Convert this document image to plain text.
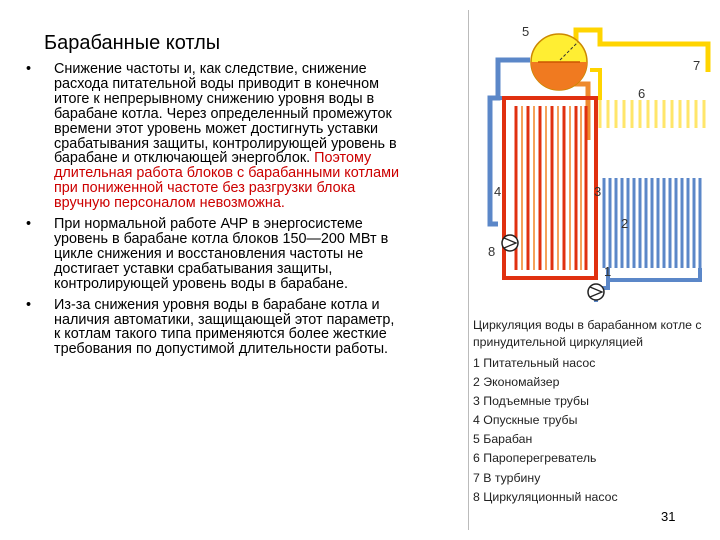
Барабанные котлы
• Снижение частоты и, как следствие, снижение расхода питательной воды приводит в конечном итоге к непрерывному снижению уровня воды в барабане котла. Через определенный промежуток времени этот уровень может достигнуть уставки срабатывания защиты, контролирующей уровень в барабане и отключающей энергоблок. Поэтому длительная работа блоков с барабанными котлами при пониженной частоте без разгрузки блока вручную персоналом невозможна.
• При нормальной работе АЧР в энергосистеме уровень в барабане котла блоков 150—200 МВт в цикле снижения и восстановления частоты не достигает уставки срабатывания защиты, контролирующей уровень воды в барабане.
• Из-за снижения уровня воды в барабане котла и наличия автоматики, защищающей этот параметр, к котлам такого типа применяются более жесткие требования по допустимой длительности работы.
5
7
6
4	3
2
8
1
Циркуляция воды в барабанном котле с принудительной циркуляцией
1 Питательный насос
2 Экономайзер
3 Подъемные трубы
4 Опускные трубы
5 Барабан
6 Пароперегреватель
7 В турбину
8 Циркуляционный насос
31
